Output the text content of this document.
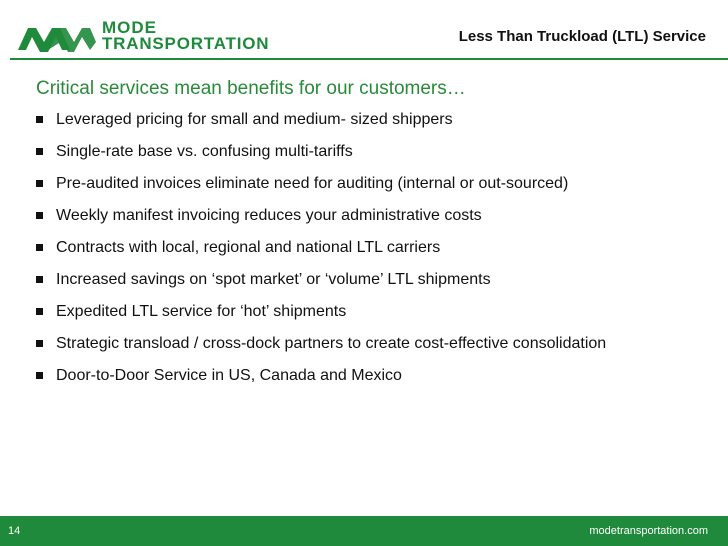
MODE
TRANSPORTATION	Less Than Truckload (LTL) Service
Critical services mean benefits for our customers…
Leveraged pricing for small and medium- sized shippers
Single-rate base vs. confusing multi-tariffs
Pre-audited invoices eliminate need for auditing (internal or out-sourced)
Weekly manifest invoicing reduces your administrative costs
Contracts with local, regional and national LTL carriers
Increased savings on ‘spot market’ or ‘volume’ LTL shipments
Expedited LTL service for ‘hot’ shipments
Strategic transload / cross-dock partners to create cost-effective consolidation
Door-to-Door Service in US, Canada and Mexico
14	modetransportation.com
